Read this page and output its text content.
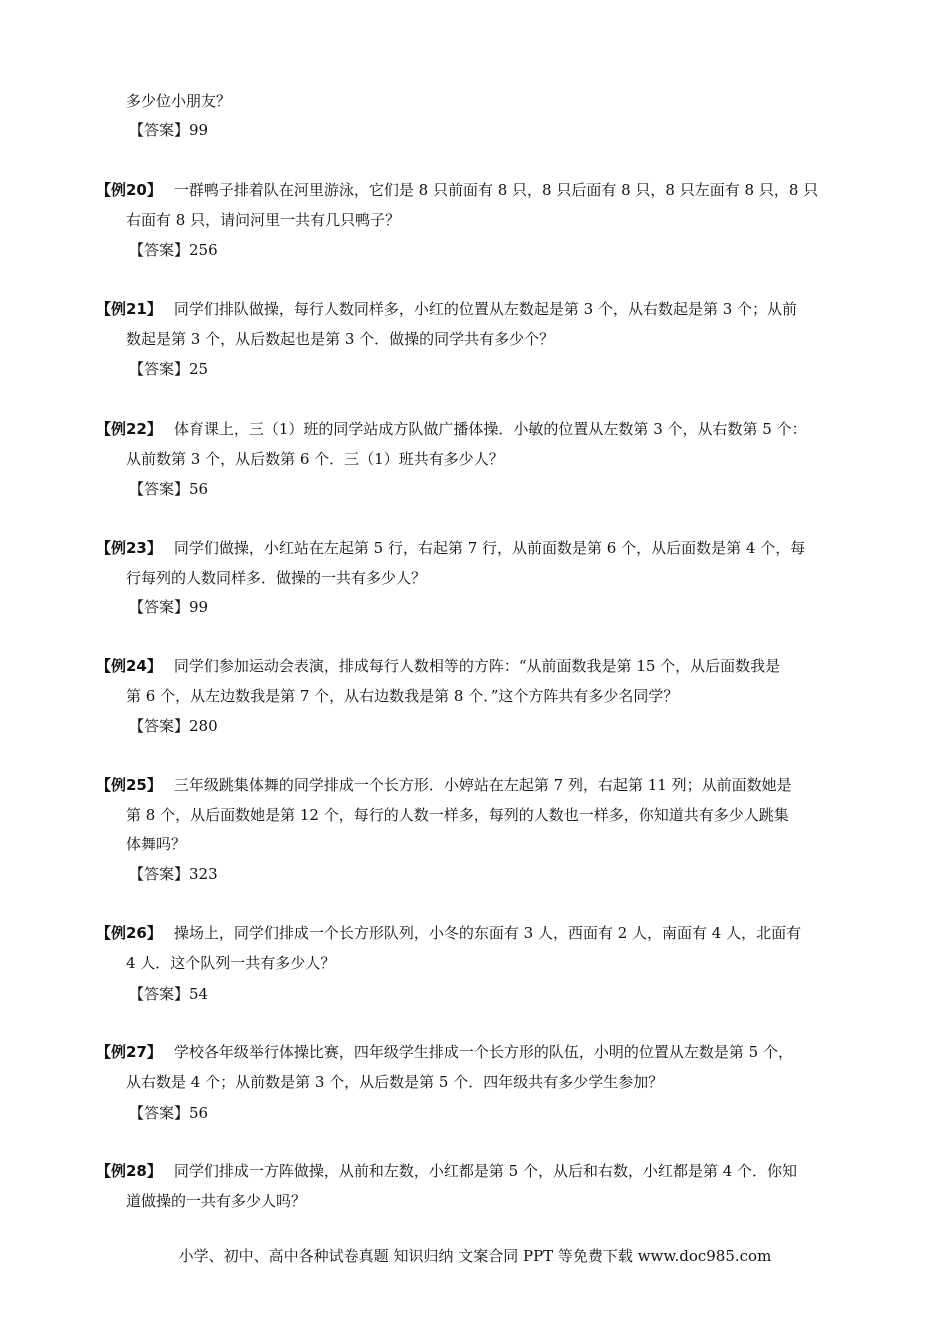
多少位小朋友？
【答案】99
【例20】 一群鸭子排着队在河里游泳，它们是 8 只前面有 8 只，8 只后面有 8 只，8 只左面有 8 只，8 只
右面有 8 只，请问河里一共有几只鸭子？
【答案】256
【例21】 同学们排队做操，每行人数同样多，小红的位置从左数起是第 3 个，从右数起是第 3 个；从前
数起是第 3 个，从后数起也是第 3 个．做操的同学共有多少个？
【答案】25
【例22】 体育课上，三（1）班的同学站成方队做广播体操．小敏的位置从左数第 3 个，从右数第 5 个：
从前数第 3 个，从后数第 6 个．三（1）班共有多少人？
【答案】56
【例23】 同学们做操，小红站在左起第 5 行，右起第 7 行，从前面数是第 6 个，从后面数是第 4 个，每
行每列的人数同样多．做操的一共有多少人？
【答案】99
【例24】 同学们参加运动会表演，排成每行人数相等的方阵：“从前面数我是第 15 个，从后面数我是
第 6 个，从左边数我是第 7 个，从右边数我是第 8 个．”这个方阵共有多少名同学？
【答案】280
【例25】 三年级跳集体舞的同学排成一个长方形．小婷站在左起第 7 列，右起第 11 列；从前面数她是
第 8 个，从后面数她是第 12 个，每行的人数一样多，每列的人数也一样多，你知道共有多少人跳集
体舞吗？
【答案】323
【例26】 操场上，同学们排成一个长方形队列，小冬的东面有 3 人，西面有 2 人，南面有 4 人，北面有
4 人．这个队列一共有多少人？
【答案】54
【例27】 学校各年级举行体操比赛，四年级学生排成一个长方形的队伍，小明的位置从左数是第 5 个，
从右数是 4 个；从前数是第 3 个，从后数是第 5 个．四年级共有多少学生参加？
【答案】56
【例28】 同学们排成一方阵做操，从前和左数，小红都是第 5 个，从后和右数，小红都是第 4 个．你知
道做操的一共有多少人吗？
小学、初中、高中各种试卷真题 知识归纳 文案合同 PPT 等免费下载 www.doc985.com
